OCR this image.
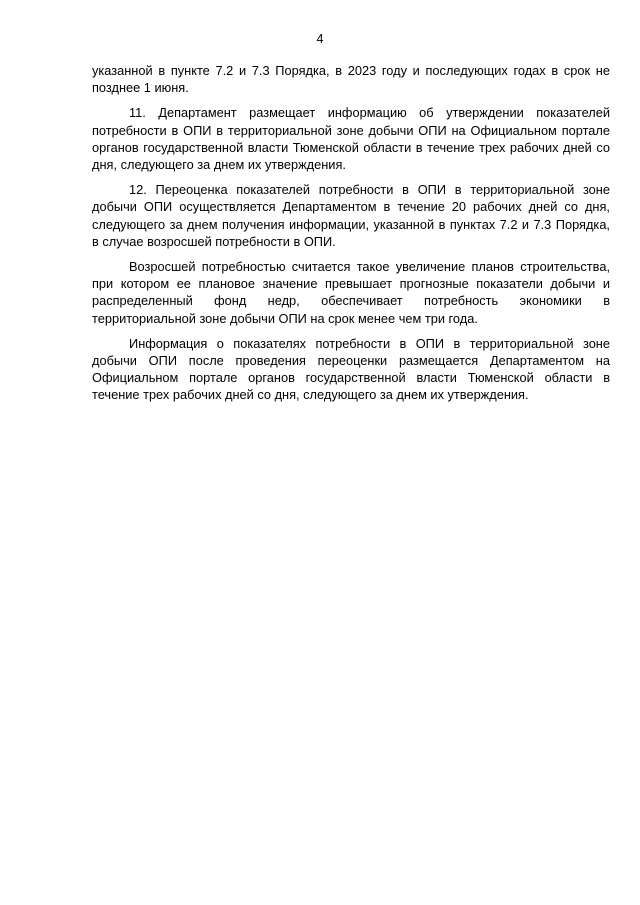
4

указанной в пункте 7.2 и 7.3 Порядка, в 2023 году и последующих годах в срок не позднее 1 июня.

11. Департамент размещает информацию об утверждении показателей потребности в ОПИ в территориальной зоне добычи ОПИ на Официальном портале органов государственной власти Тюменской области в течение трех рабочих дней со дня, следующего за днем их утверждения.

12. Переоценка показателей потребности в ОПИ в территориальной зоне добычи ОПИ осуществляется Департаментом в течение 20 рабочих дней со дня, следующего за днем получения информации, указанной в пунктах 7.2 и 7.3 Порядка, в случае возросшей потребности в ОПИ.

Возросшей потребностью считается такое увеличение планов строительства, при котором ее плановое значение превышает прогнозные показатели добычи и распределенный фонд недр, обеспечивает потребность экономики в территориальной зоне добычи ОПИ на срок менее чем три года.

Информация о показателях потребности в ОПИ в территориальной зоне добычи ОПИ после проведения переоценки размещается Департаментом на Официальном портале органов государственной власти Тюменской области в течение трех рабочих дней со дня, следующего за днем их утверждения.
